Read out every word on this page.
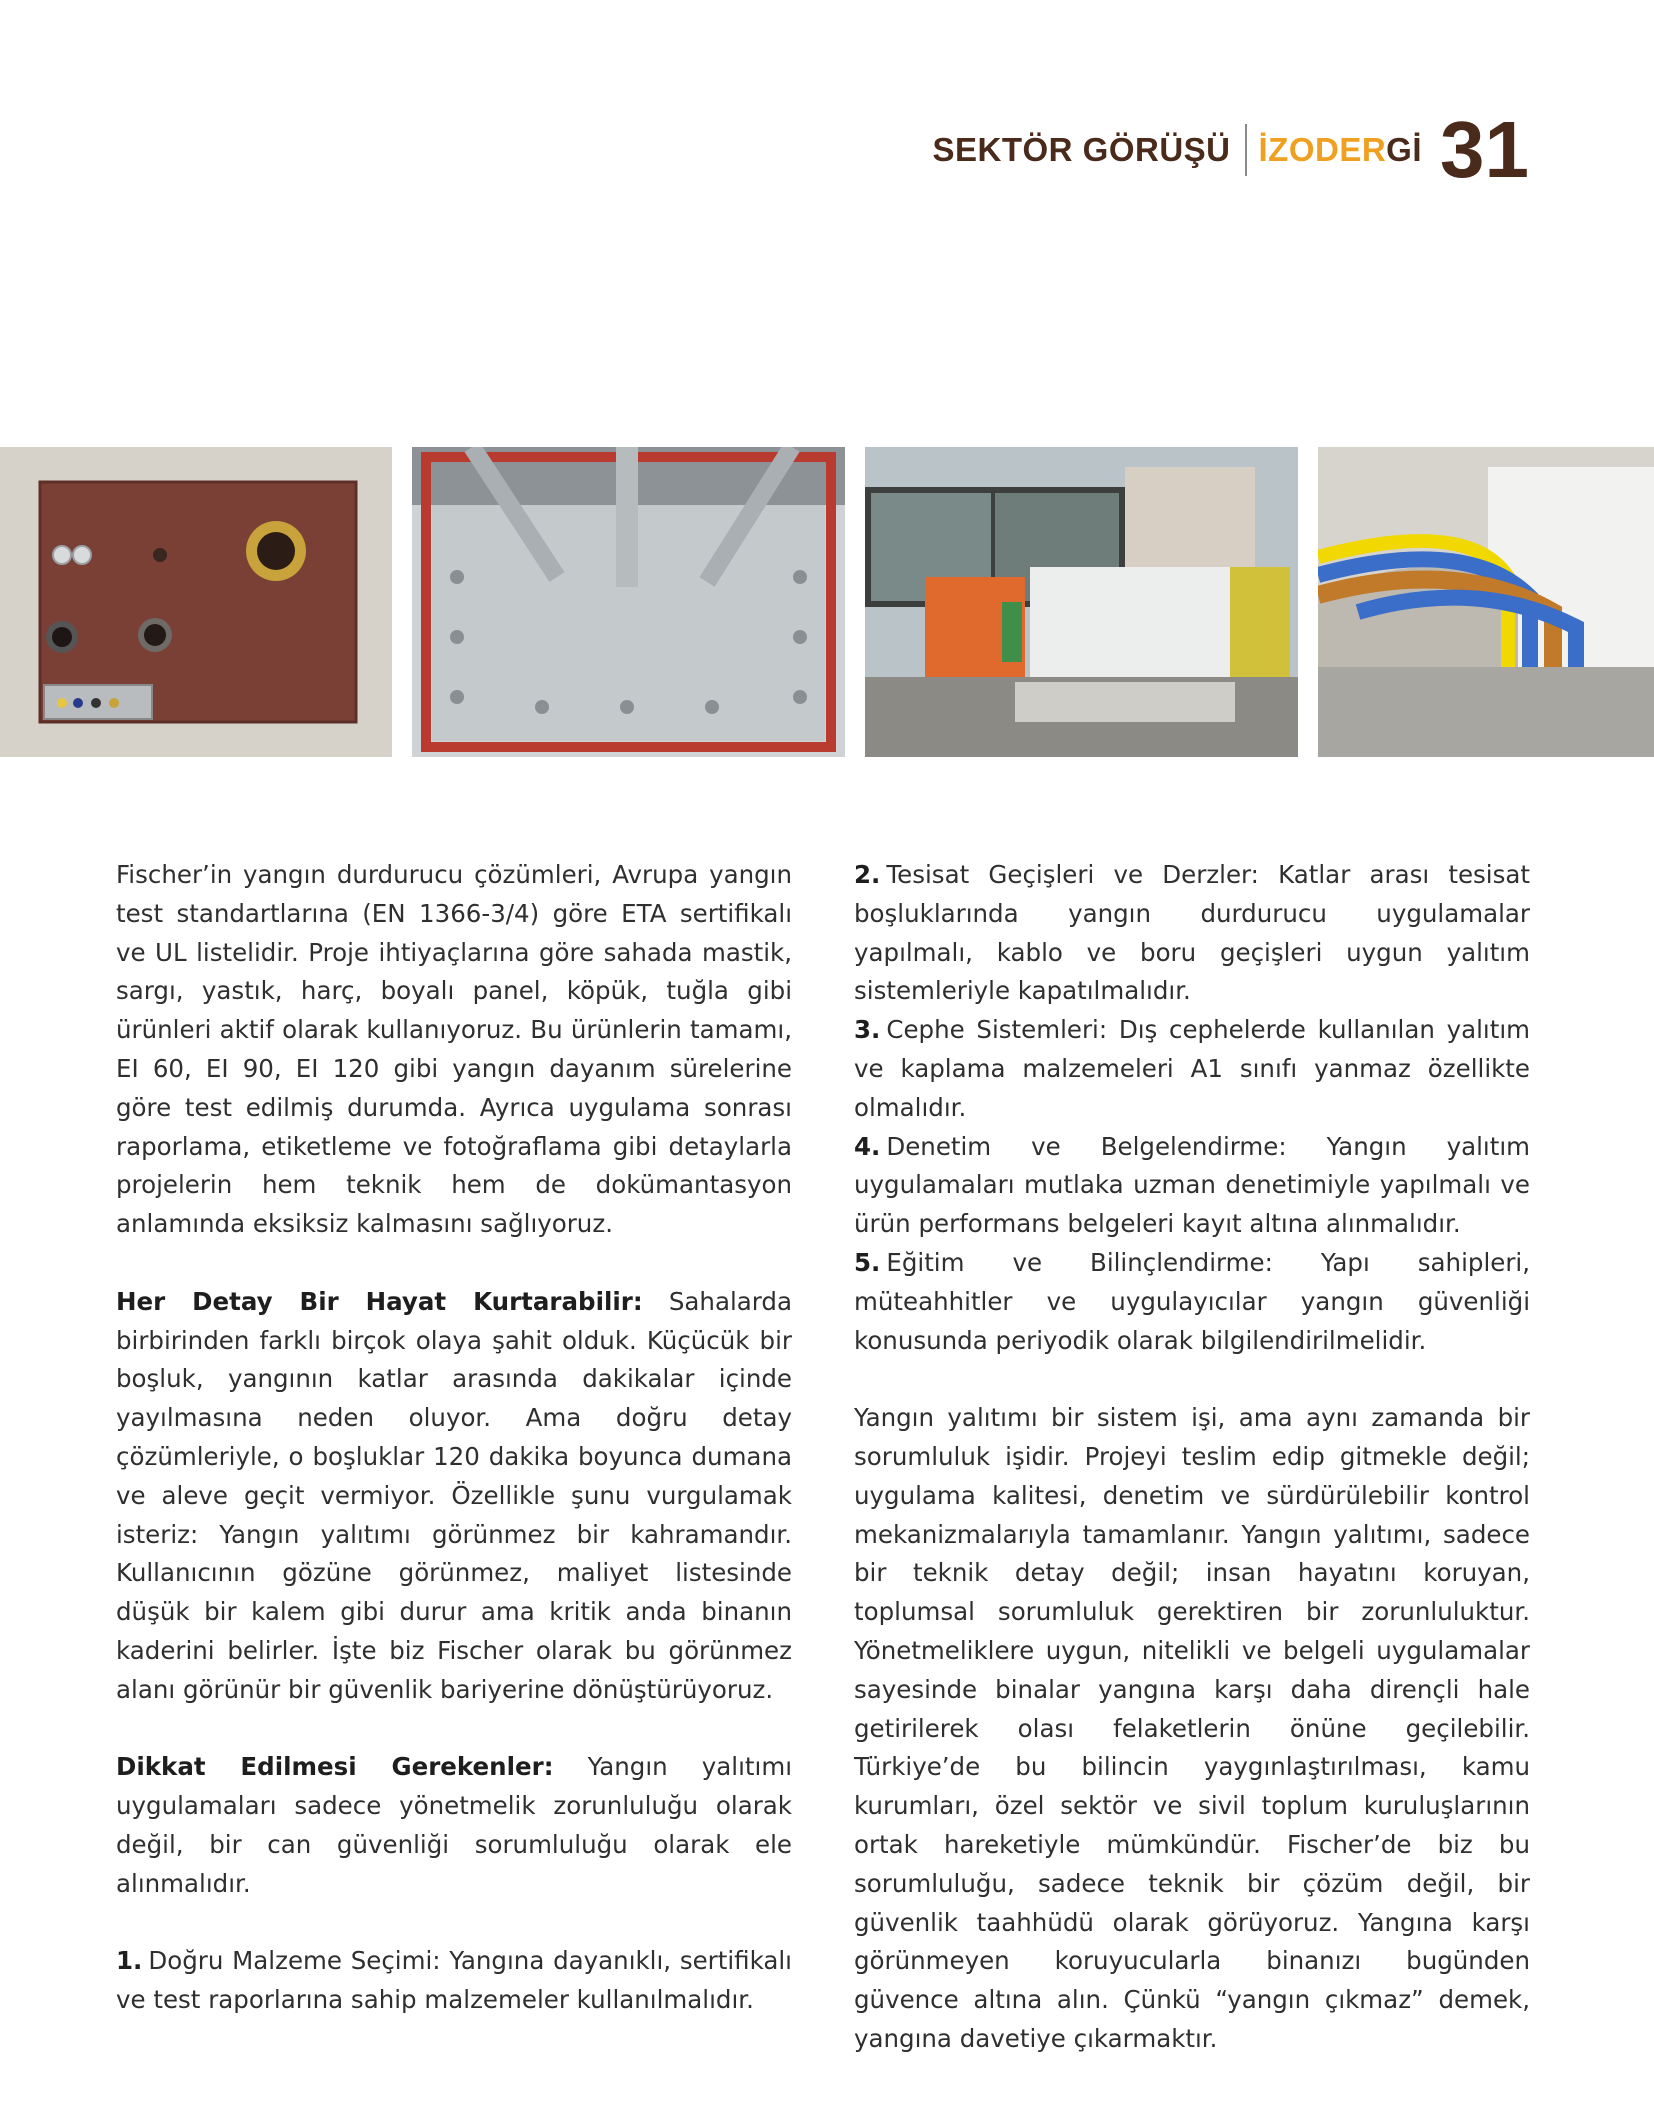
SEKTÖR GÖRÜŞÜ İZODERGİ 31

Fischer’in yangın durdurucu çözümleri, Avrupa yangın test standartlarına (EN 1366-3/4) göre ETA sertifikalı ve UL listelidir. Proje ihtiyaçlarına göre sahada mastik, sargı, yastık, harç, boyalı panel, köpük, tuğla gibi ürünleri aktif olarak kullanıyoruz. Bu ürünlerin tamamı, EI 60, EI 90, EI 120 gibi yangın dayanım sürelerine göre test edilmiş durumda. Ayrıca uygulama sonrası raporlama, etiketleme ve fotoğraflama gibi detaylarla projelerin hem teknik hem de dokümantasyon anlamında eksiksiz kalmasını sağlıyoruz.

Her Detay Bir Hayat Kurtarabilir: Sahalarda birbirinden farklı birçok olaya şahit olduk. Küçücük bir boşluk, yangının katlar arasında dakikalar içinde yayılmasına neden oluyor. Ama doğru detay çözümleriyle, o boşluklar 120 dakika boyunca dumana ve aleve geçit vermiyor. Özellikle şunu vurgulamak isteriz: Yangın yalıtımı görünmez bir kahramandır. Kullanıcının gözüne görünmez, maliyet listesinde düşük bir kalem gibi durur ama kritik anda binanın kaderini belirler. İşte biz Fischer olarak bu görünmez alanı görünür bir güvenlik bariyerine dönüştürüyoruz.

Dikkat Edilmesi Gerekenler: Yangın yalıtımı uygulamaları sadece yönetmelik zorunluluğu olarak değil, bir can güvenliği sorumluluğu olarak ele alınmalıdır.

1. Doğru Malzeme Seçimi: Yangına dayanıklı, sertifikalı ve test raporlarına sahip malzemeler kullanılmalıdır.

2. Tesisat Geçişleri ve Derzler: Katlar arası tesisat boşluklarında yangın durdurucu uygulamalar yapılmalı, kablo ve boru geçişleri uygun yalıtım sistemleriyle kapatılmalıdır.

3. Cephe Sistemleri: Dış cephelerde kullanılan yalıtım ve kaplama malzemeleri A1 sınıfı yanmaz özellikte olmalıdır.

4. Denetim ve Belgelendirme: Yangın yalıtım uygulamaları mutlaka uzman denetimiyle yapılmalı ve ürün performans belgeleri kayıt altına alınmalıdır.

5. Eğitim ve Bilinçlendirme: Yapı sahipleri, müteahhitler ve uygulayıcılar yangın güvenliği konusunda periyodik olarak bilgilendirilmelidir.

Yangın yalıtımı bir sistem işi, ama aynı zamanda bir sorumluluk işidir. Projeyi teslim edip gitmekle değil; uygulama kalitesi, denetim ve sürdürülebilir kontrol mekanizmalarıyla tamamlanır. Yangın yalıtımı, sadece bir teknik detay değil; insan hayatını koruyan, toplumsal sorumluluk gerektiren bir zorunluluktur. Yönetmeliklere uygun, nitelikli ve belgeli uygulamalar sayesinde binalar yangına karşı daha dirençli hale getirilerek olası felaketlerin önüne geçilebilir. Türkiye’de bu bilincin yaygınlaştırılması, kamu kurumları, özel sektör ve sivil toplum kuruluşlarının ortak hareketiyle mümkündür. Fischer’de biz bu sorumluluğu, sadece teknik bir çözüm değil, bir güvenlik taahhüdü olarak görüyoruz. Yangına karşı görünmeyen koruyucularla binanızı bugünden güvence altına alın. Çünkü “yangın çıkmaz” demek, yangına davetiye çıkarmaktır.
